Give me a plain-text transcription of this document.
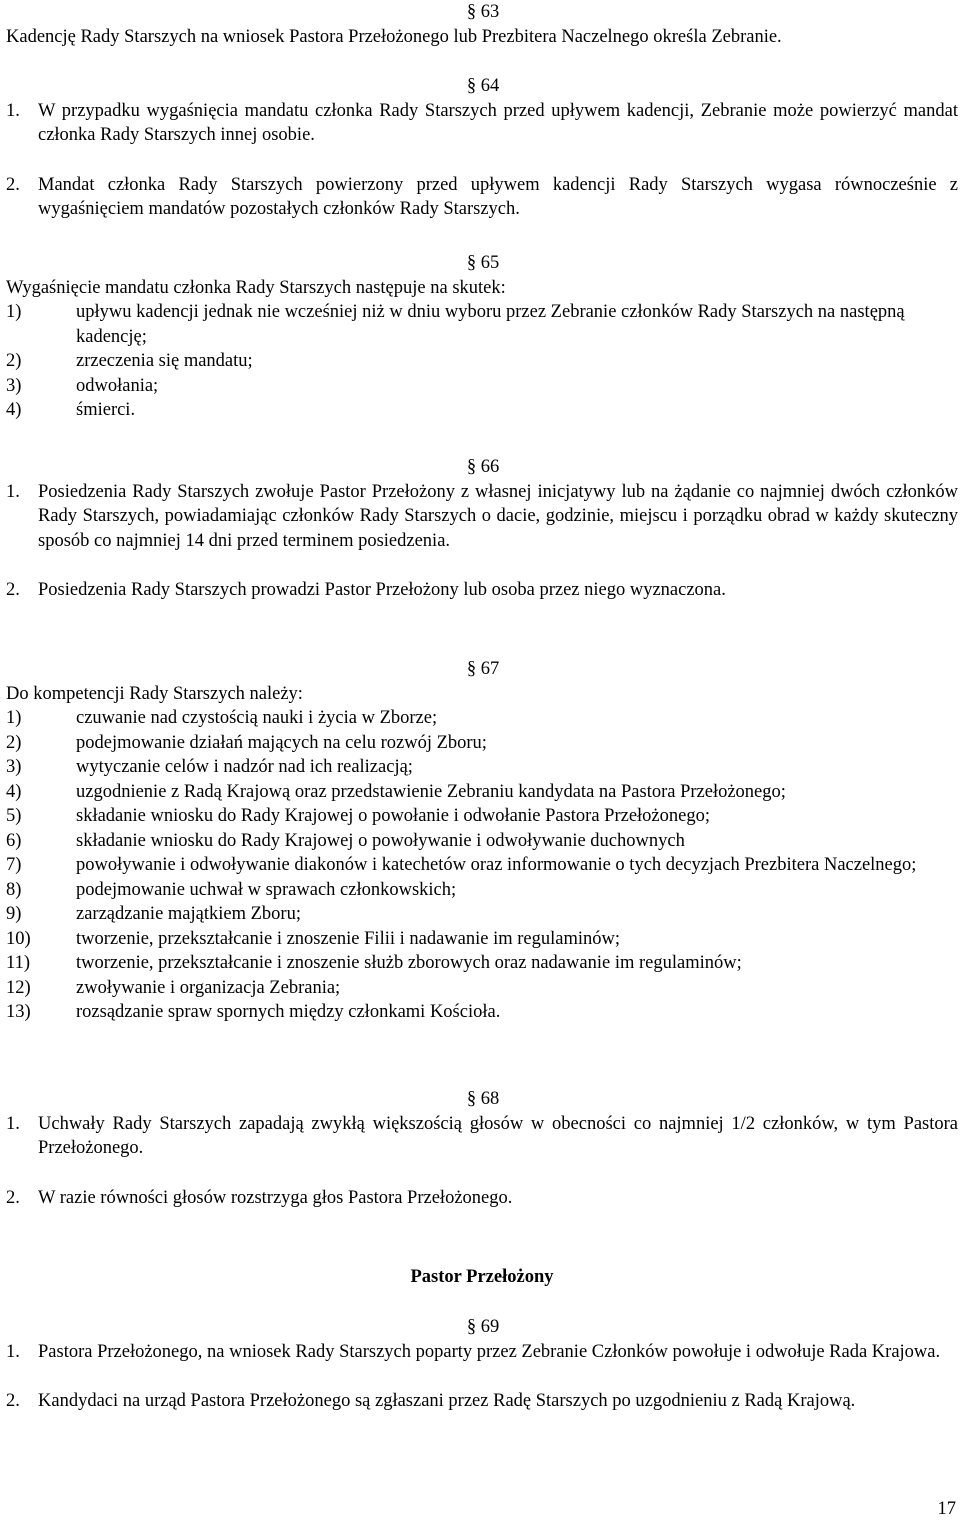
§ 63
Kadencję Rady Starszych na wniosek Pastora Przełożonego lub Prezbitera Naczelnego określa Zebranie.
§ 64
1. W przypadku wygaśnięcia mandatu członka Rady Starszych przed upływem kadencji, Zebranie może powierzyć mandat członka Rady Starszych innej osobie.
2. Mandat członka Rady Starszych powierzony przed upływem kadencji Rady Starszych wygasa równocześnie z wygaśnięciem mandatów pozostałych członków Rady Starszych.
§ 65
Wygaśnięcie mandatu członka Rady Starszych następuje na skutek:
1)	upływu kadencji jednak nie wcześniej niż w dniu wyboru przez Zebranie członków Rady Starszych na następną kadencję;
2)	zrzeczenia się mandatu;
3)	odwołania;
4)	śmierci.
§ 66
1. Posiedzenia Rady Starszych zwołuje Pastor Przełożony z własnej inicjatywy lub na żądanie co najmniej dwóch członków Rady Starszych, powiadamiając członków Rady Starszych o dacie, godzinie, miejscu i porządku obrad w każdy skuteczny sposób co najmniej 14 dni przed terminem posiedzenia.
2. Posiedzenia Rady Starszych prowadzi Pastor Przełożony lub osoba przez niego wyznaczona.
§ 67
Do kompetencji Rady Starszych należy:
1)	czuwanie nad czystością nauki i życia w Zborze;
2)	podejmowanie działań mających na celu rozwój Zboru;
3)	wytyczanie celów i nadzór nad ich realizacją;
4)	uzgodnienie z Radą Krajową oraz przedstawienie Zebraniu kandydata na Pastora Przełożonego;
5)	składanie wniosku do Rady Krajowej o powołanie i odwołanie Pastora Przełożonego;
6)	składanie wniosku do Rady Krajowej o powoływanie i odwoływanie duchownych
7)	powoływanie i odwoływanie diakonów i katechetów oraz informowanie o tych decyzjach Prezbitera Naczelnego;
8)	podejmowanie uchwał w sprawach członkowskich;
9)	zarządzanie majątkiem Zboru;
10)	tworzenie, przekształcanie i znoszenie Filii i nadawanie im regulaminów;
11)	tworzenie, przekształcanie i znoszenie służb zborowych oraz nadawanie im regulaminów;
12)	zwoływanie i organizacja Zebrania;
13)	rozsądzanie spraw spornych między członkami Kościoła.
§ 68
1. Uchwały Rady Starszych zapadają zwykłą większością głosów w obecności co najmniej 1/2 członków, w tym Pastora Przełożonego.
2. W razie równości głosów rozstrzyga głos Pastora Przełożonego.
Pastor Przełożony
§ 69
1. Pastora Przełożonego, na wniosek Rady Starszych poparty przez Zebranie Członków powołuje i odwołuje Rada Krajowa.
2. Kandydaci na urząd Pastora Przełożonego są zgłaszani przez Radę Starszych po uzgodnieniu z Radą Krajową.
17
